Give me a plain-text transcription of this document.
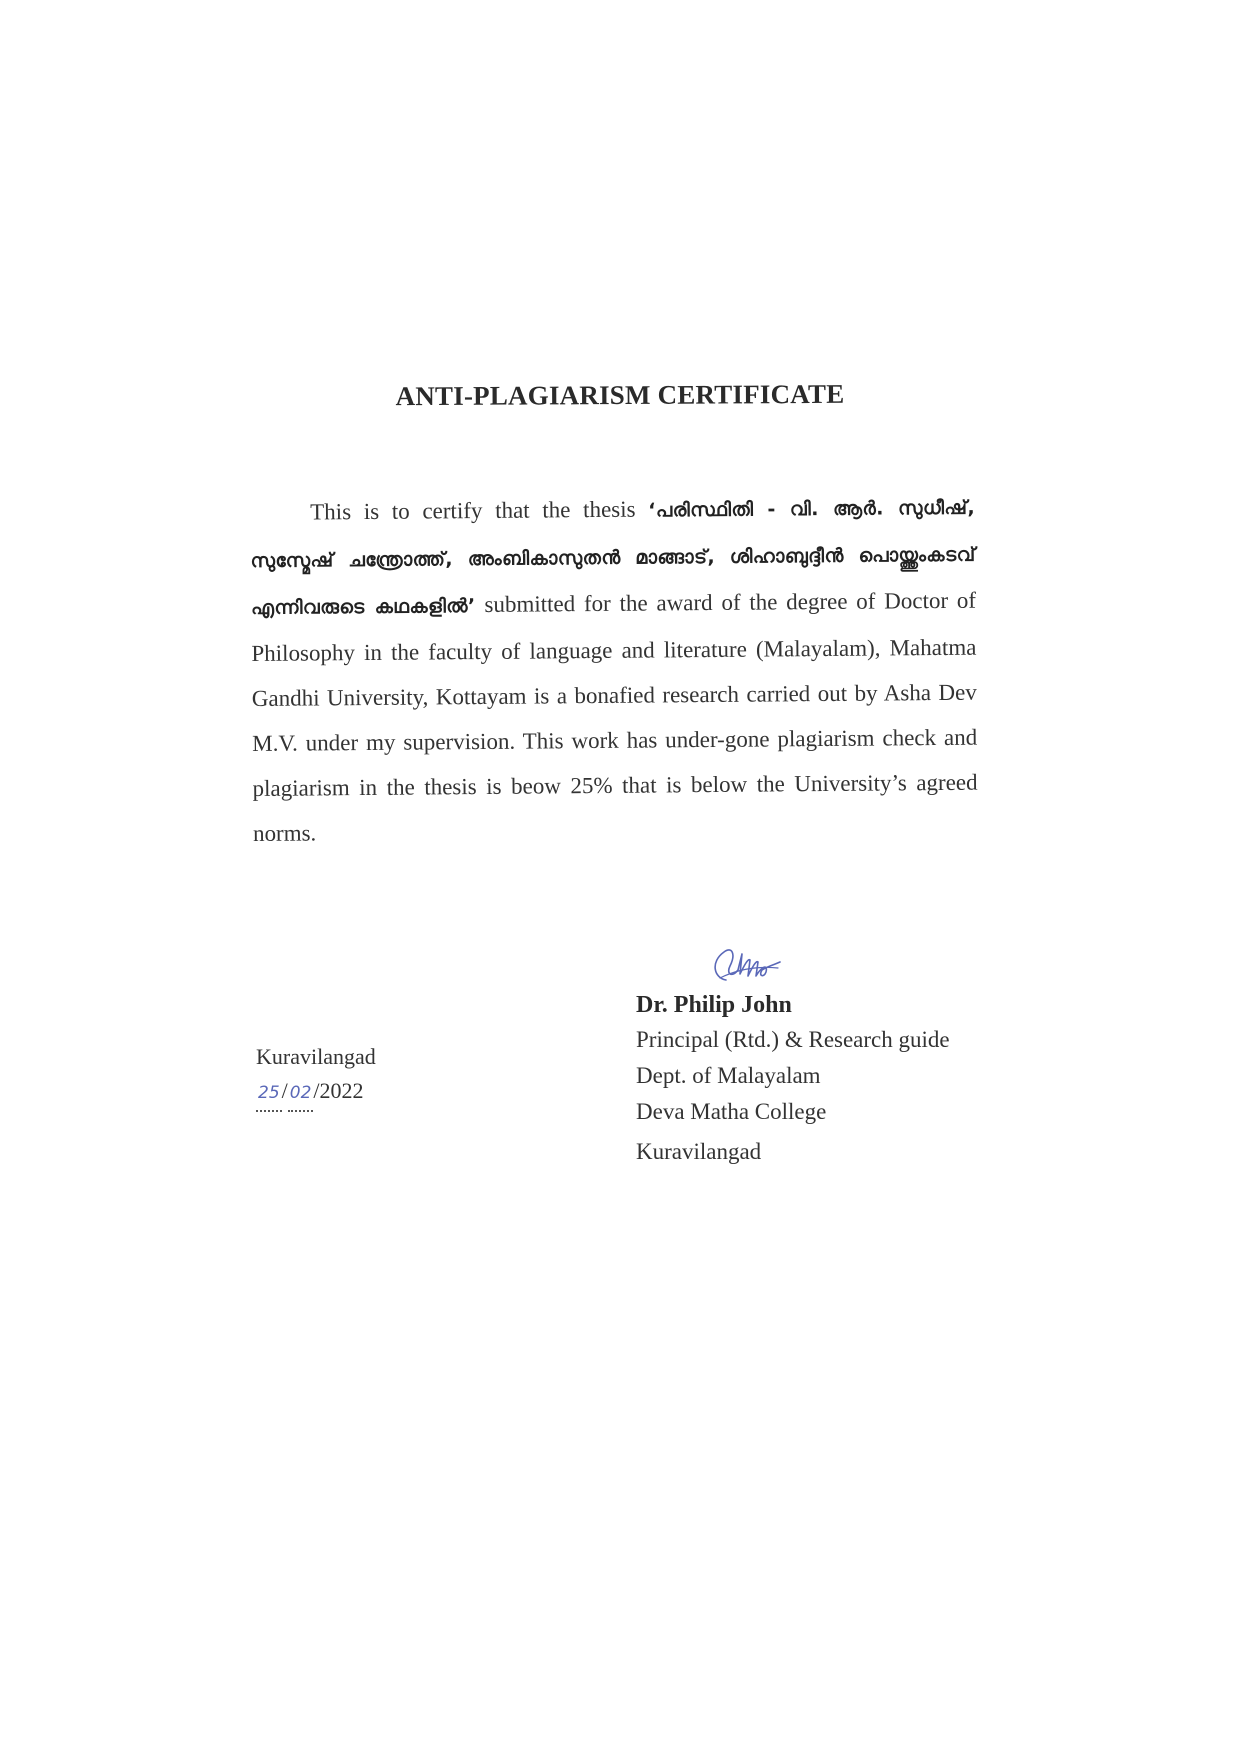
ANTI-PLAGIARISM CERTIFICATE
This is to certify that the thesis ‘പരിസ്ഥിതി - വി. ആർ. സുധീഷ്, സുസ്മേഷ് ചന്ത്രോത്ത്, അംബികാസുതൻ മാങ്ങാട്, ശിഹാബുദ്ദീൻ പൊയ്ത്തുംകടവ് എന്നിവരുടെ കഥകളിൽ’ submitted for the award of the degree of Doctor of Philosophy in the faculty of language and literature (Malayalam), Mahatma Gandhi University, Kottayam is a bonafied research carried out by Asha Dev M.V. under my supervision. This work has under-gone plagiarism check and plagiarism in the thesis is beow 25% that is below the University’s agreed norms.
Kuravilangad
25 / 02 /2022
Dr. Philip John
Principal (Rtd.) & Research guide
Dept. of Malayalam
Deva Matha College
Kuravilangad
